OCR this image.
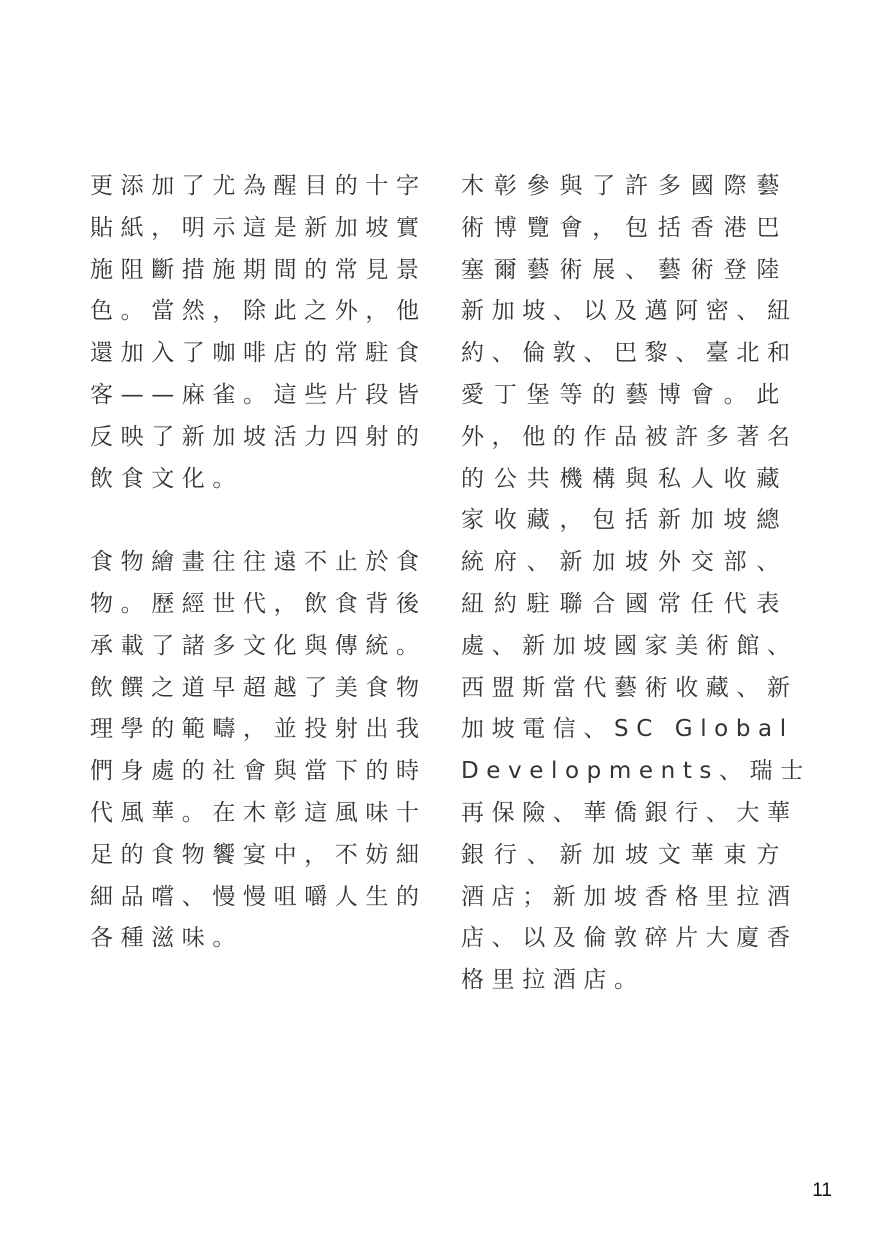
更添加了尤為醒目的十字
貼紙，明示這是新加坡實
施阻斷措施期間的常見景
色。當然，除此之外，他
還加入了咖啡店的常駐食
客——麻雀。這些片段皆
反映了新加坡活力四射的
飲食文化。
食物繪畫往往遠不止於食
物。歷經世代，飲食背後
承載了諸多文化與傳統。
飲饌之道早超越了美食物
理學的範疇，並投射出我
們身處的社會與當下的時
代風華。在木彰這風味十
足的食物饗宴中，不妨細
細品嚐、慢慢咀嚼人生的
各種滋味。
木彰參與了許多國際藝
術博覽會，包括香港巴
塞爾藝術展、藝術登陸
新加坡、以及邁阿密、紐
約、倫敦、巴黎、臺北和
愛丁堡等的藝博會。此
外，他的作品被許多著名
的公共機構與私人收藏
家收藏，包括新加坡總
統府、新加坡外交部、
紐約駐聯合國常任代表
處、新加坡國家美術館、
西盟斯當代藝術收藏、新
加坡電信、SC Global
Developments、瑞士
再保險、華僑銀行、大華
銀行、新加坡文華東方
酒店；新加坡香格里拉酒
店、以及倫敦碎片大廈香
格里拉酒店。
11
